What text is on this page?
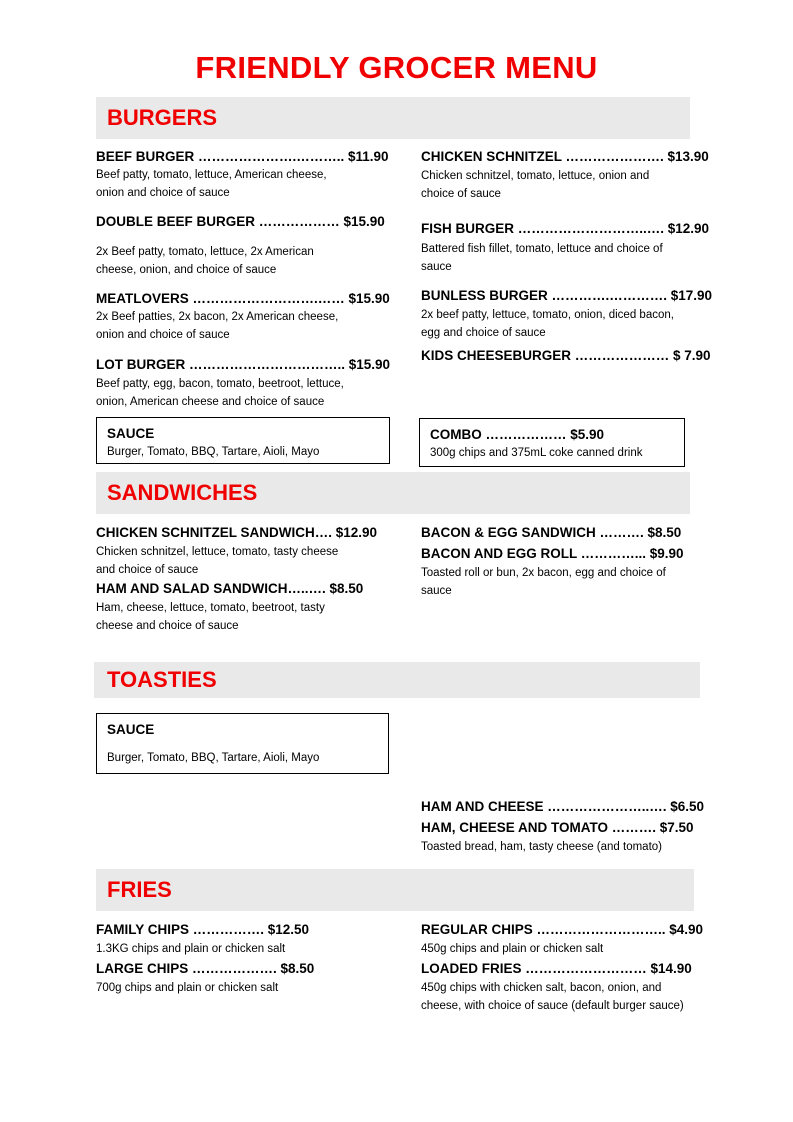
FRIENDLY GROCER MENU
BURGERS
BEEF BURGER ………………….……….. $11.90
Beef patty, tomato, lettuce, American cheese,
onion and choice of sauce
DOUBLE BEEF BURGER ……………… $15.90
2x Beef patty, tomato, lettuce, 2x American
cheese, onion, and choice of sauce
MEATLOVERS ……………………….…… $15.90
2x Beef patties, 2x bacon, 2x American cheese,
onion and choice of sauce
LOT BURGER …………………………….. $15.90
Beef patty, egg, bacon, tomato, beetroot, lettuce,
onion, American cheese and choice of sauce
CHICKEN SCHNITZEL …………………. $13.90
Chicken schnitzel, tomato, lettuce, onion and
choice of sauce
FISH BURGER ………………………..…. $12.90
Battered fish fillet, tomato, lettuce and choice of
sauce
BUNLESS BURGER ………….…………. $17.90
2x beef patty, lettuce, tomato, onion, diced bacon,
egg and choice of sauce
KIDS CHEESEBURGER ………………… $ 7.90
SAUCE
Burger, Tomato, BBQ, Tartare, Aioli, Mayo
COMBO ……………… $5.90
300g chips and 375mL coke canned drink
SANDWICHES
CHICKEN SCHNITZEL SANDWICH…. $12.90
Chicken schnitzel, lettuce, tomato, tasty cheese
and choice of sauce
HAM AND SALAD SANDWICH…..…. $8.50
Ham, cheese, lettuce, tomato, beetroot, tasty
cheese and choice of sauce
BACON & EGG SANDWICH ………. $8.50
BACON AND EGG ROLL …………... $9.90
Toasted roll or bun, 2x bacon, egg and choice of
sauce
TOASTIES
SAUCE
Burger, Tomato, BBQ, Tartare, Aioli, Mayo
HAM AND CHEESE …………………..…. $6.50
HAM, CHEESE AND TOMATO ………. $7.50
Toasted bread, ham, tasty cheese (and tomato)
FRIES
FAMILY CHIPS ……………. $12.50
1.3KG chips and plain or chicken salt
LARGE CHIPS ………………. $8.50
700g chips and plain or chicken salt
REGULAR CHIPS ……………………….. $4.90
450g chips and plain or chicken salt
LOADED FRIES ……………………… $14.90
450g chips with chicken salt, bacon, onion, and
cheese, with choice of sauce (default burger sauce)
